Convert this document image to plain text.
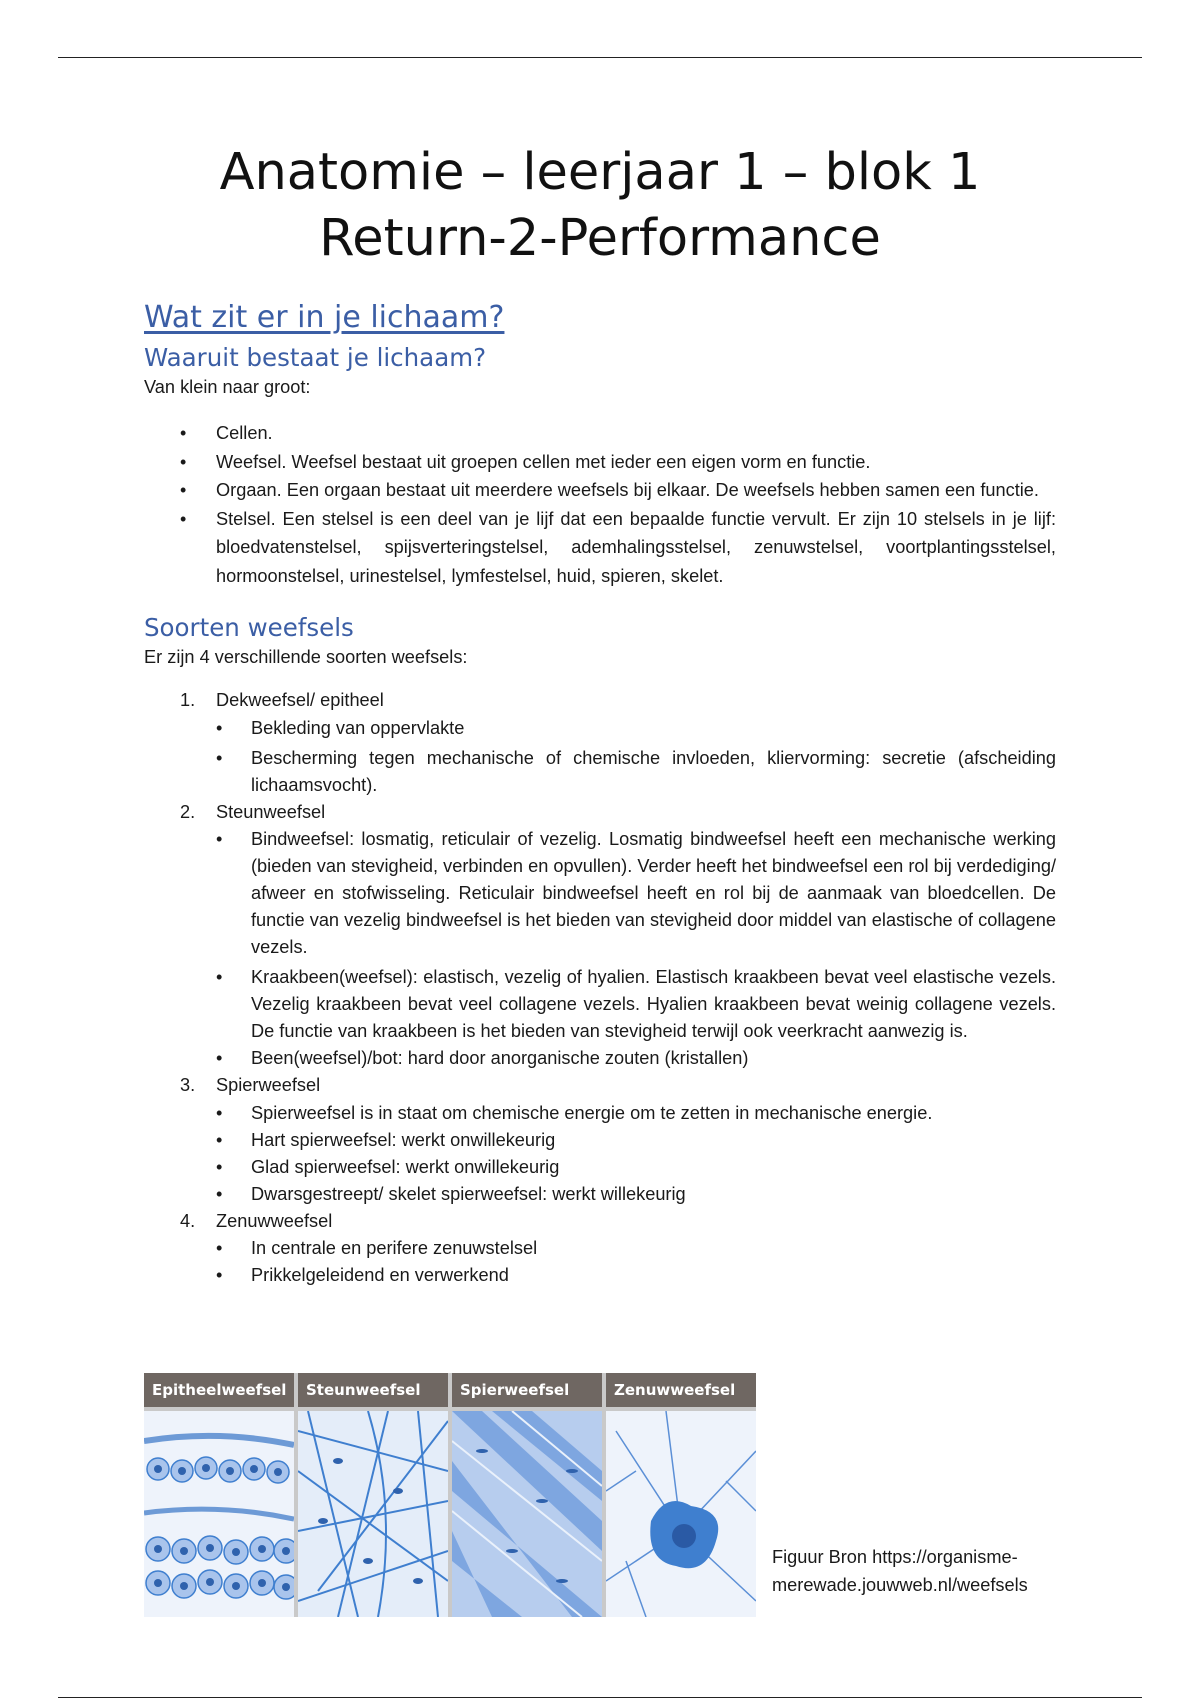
Anatomie – leerjaar 1 – blok 1
Return-2-Performance
Wat zit er in je lichaam?
Waaruit bestaat je lichaam?

Van klein naar groot:

• Cellen.
• Weefsel. Weefsel bestaat uit groepen cellen met ieder een eigen vorm en functie.
• Orgaan. Een orgaan bestaat uit meerdere weefsels bij elkaar. De weefsels hebben samen een functie.
• Stelsel. Een stelsel is een deel van je lijf dat een bepaalde functie vervult. Er zijn 10 stelsels in je lijf: bloedvatenstelsel, spijsverteringstelsel, ademhalingsstelsel, zenuwstelsel, voortplantingsstelsel, hormoonstelsel, urinestelsel, lymfestelsel, huid, spieren, skelet.
Soorten weefsels

Er zijn 4 verschillende soorten weefsels:

1. Dekweefsel/ epitheel
• Bekleding van oppervlakte
• Bescherming tegen mechanische of chemische invloeden, kliervorming: secretie (afscheiding lichaamsvocht).
2. Steunweefsel
• Bindweefsel: losmatig, reticulair of vezelig. Losmatig bindweefsel heeft een mechanische werking (bieden van stevigheid, verbinden en opvullen). Verder heeft het bindweefsel een rol bij verdediging/ afweer en stofwisseling. Reticulair bindweefsel heeft en rol bij de aanmaak van bloedcellen. De functie van vezelig bindweefsel is het bieden van stevigheid door middel van elastische of collagene vezels.
• Kraakbeen(weefsel): elastisch, vezelig of hyalien. Elastisch kraakbeen bevat veel elastische vezels. Vezelig kraakbeen bevat veel collagene vezels. Hyalien kraakbeen bevat weinig collagene vezels. De functie van kraakbeen is het bieden van stevigheid terwijl ook veerkracht aanwezig is.
• Been(weefsel)/bot: hard door anorganische zouten (kristallen)
3. Spierweefsel
• Spierweefsel is in staat om chemische energie om te zetten in mechanische energie.
• Hart spierweefsel: werkt onwillekeurig
• Glad spierweefsel: werkt onwillekeurig
• Dwarsgestreept/ skelet spierweefsel: werkt willekeurig
4. Zenuwweefsel
• In centrale en perifere zenuwstelsel
• Prikkelgeleidend en verwerkend
Epitheelweefsel	Steunweefsel	Spierweefsel	Zenuwweefsel
Figuur Bron https://organisme-merewade.jouwweb.nl/weefsels
